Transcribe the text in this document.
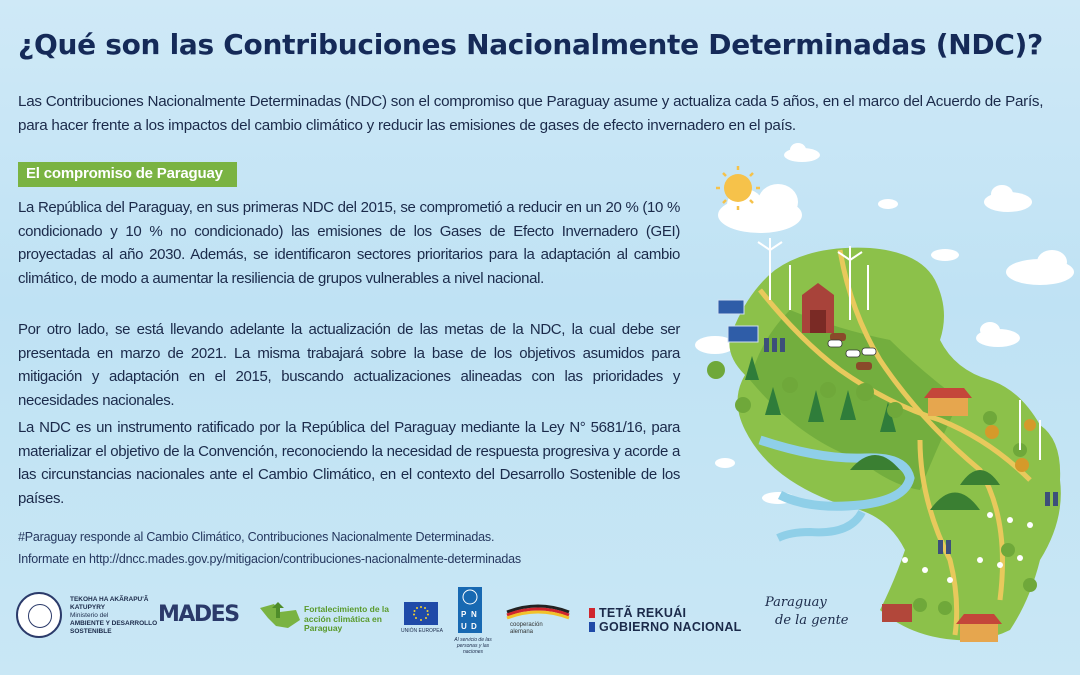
¿Qué son las Contribuciones Nacionalmente Determinadas (NDC)?
Las Contribuciones Nacionalmente Determinadas (NDC) son el compromiso que Paraguay asume y actualiza cada 5 años, en el marco del Acuerdo de París, para hacer frente a los impactos del cambio climático y reducir las emisiones de gases de efecto invernadero en el país.
El compromiso de Paraguay
La República del Paraguay, en sus primeras NDC del 2015, se comprometió a reducir en un 20 % (10 % condicionado y 10 % no condicionado) las emisiones de los Gases de Efecto Invernadero (GEI) proyectadas al año 2030. Además, se identificaron sectores prioritarios para la adaptación al cambio climático, de modo a aumentar la resiliencia de grupos vulnerables a nivel nacional.
Por otro lado, se está llevando adelante la actualización de las metas de la NDC, la cual debe ser presentada en marzo de 2021. La misma trabajará sobre la base de los objetivos asumidos para mitigación y adaptación en el 2015, buscando actualizaciones alineadas con las prioridades y necesidades nacionales.
La NDC es un instrumento ratificado por la República del Paraguay mediante la Ley N° 5681/16, para materializar el objetivo de la Convención, reconociendo la necesidad de respuesta progresiva y acorde a las circunstancias nacionales ante el Cambio Climático, en el contexto del Desarrollo Sostenible de los países.
#Paraguay responde al Cambio Climático, Contribuciones Nacionalmente Determinadas.
Informate en http://dncc.mades.gov.py/mitigacion/contribuciones-nacionalmente-determinadas
TEKOHA HA AKÃRAPU'Ã KATUPYRY
Ministerio del
AMBIENTE Y DESARROLLO SOSTENIBLE
MADES	Fortalecimiento de la acción climática en Paraguay	UNIÓN EUROPEA
P N
U D
Al servicio de las personas y las naciones
cooperación
alemana
TETÃ REKUÁI
GOBIERNO NACIONAL
Paraguay
de la gente
